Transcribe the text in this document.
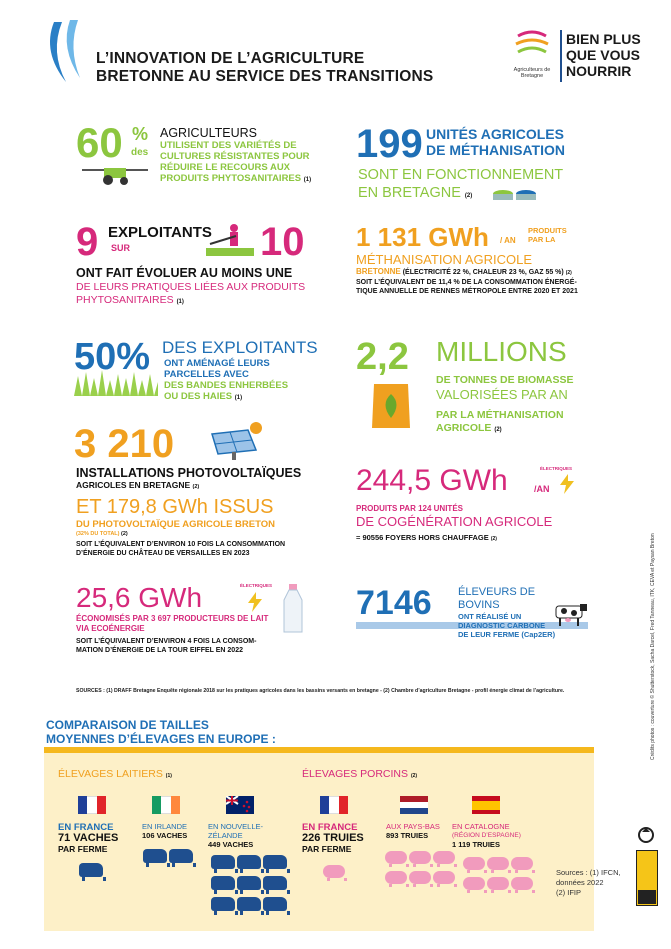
L’INNOVATION DE L’AGRICULTURE
BRETONNE AU SERVICE DES TRANSITIONS	Agriculteurs de Bretagne
BIEN PLUS
QUE VOUS
NOURRIR
60 %
des
AGRICULTEURS
UTILISENT DES VARIÉTÉS DE
CULTURES RÉSISTANTES POUR
RÉDUIRE LE RECOURS AUX
PRODUITS PHYTOSANITAIRES (1)
9 EXPLOITANTS
SUR	10
ONT FAIT ÉVOLUER AU MOINS UNE
DE LEURS PRATIQUES LIÉES AUX PRODUITS
PHYTOSANITAIRES (1)
50% DES EXPLOITANTS
ONT AMÉNAGÉ LEURS
PARCELLES AVEC
DES BANDES ENHERBÉES
OU DES HAIES (1)
3 210
INSTALLATIONS PHOTOVOLTAÏQUES
AGRICOLES EN BRETAGNE (2)
ET 179,8 GWh ISSUS
DU PHOTOVOLTAÏQUE AGRICOLE BRETON
(32% DU TOTAL) (2)
SOIT L’ÉQUIVALENT D’ENVIRON 10 FOIS LA CONSOMMATION
D’ÉNERGIE DU CHÂTEAU DE VERSAILLES EN 2023
25,6 GWh	ÉLECTRIQUES
ÉCONOMISÉS PAR 3 697 PRODUCTEURS DE LAIT
VIA ECOÉNERGIE
SOIT L’ÉQUIVALENT D’ENVIRON 4 FOIS LA CONSOM-
MATION D’ÉNERGIE DE LA TOUR EIFFEL EN 2022
199 UNITÉS AGRICOLES
DE MÉTHANISATION
SONT EN FONCTIONNEMENT
EN BRETAGNE (2)
1 131 GWh / AN
PRODUITS
PAR LA
MÉTHANISATION AGRICOLE
BRETONNE (ÉLECTRICITÉ 22 %, CHALEUR 23 %, GAZ 55 %) (2)
SOIT L’ÉQUIVALENT DE 11,4 % DE LA CONSOMMATION ÉNERGÉ-
TIQUE ANNUELLE DE RENNES MÉTROPOLE ENTRE 2020 ET 2021
2,2 MILLIONS
DE TONNES DE BIOMASSE
VALORISÉES PAR AN
PAR LA MÉTHANISATION
AGRICOLE (2)
244,5 GWh	ÉLECTRIQUES
/AN
PRODUITS PAR 124 UNITÉS
DE COGÉNÉRATION AGRICOLE
= 90556 FOYERS HORS CHAUFFAGE (2)
7146 ÉLEVEURS DE BOVINS
ONT RÉALISÉ UN
DIAGNOSTIC CARBONE
DE LEUR FERME (Cap2ER)
SOURCES : (1) DRAFF Bretagne Enquête régionale 2018 sur les pratiques agricoles dans les bassins versants en bretagne - (2) Chambre d’agriculture Bretagne - profil énergie climat de l’agriculture.	Crédits photos : couverture © Shutterstock, Sacha Darcel, Fred Tanneau, ITK, CEVA et Paysan Breton
COMPARAISON DE TAILLES
MOYENNES D’ÉLEVAGES EN EUROPE :
ÉLEVAGES LAITIERS (1)	ÉLEVAGES PORCINS (2)
EN FRANCE
71 VACHES
PAR FERME
EN IRLANDE
106 VACHES
EN NOUVELLE-
ZÉLANDE
449 VACHES
EN FRANCE
226 TRUIES
PAR FERME
AUX PAYS-BAS
893 TRUIES
EN CATALOGNE
(RÉGION D’ESPAGNE)
1 119 TRUIES
Sources : (1) IFCN,
données 2022
(2) IFIP
